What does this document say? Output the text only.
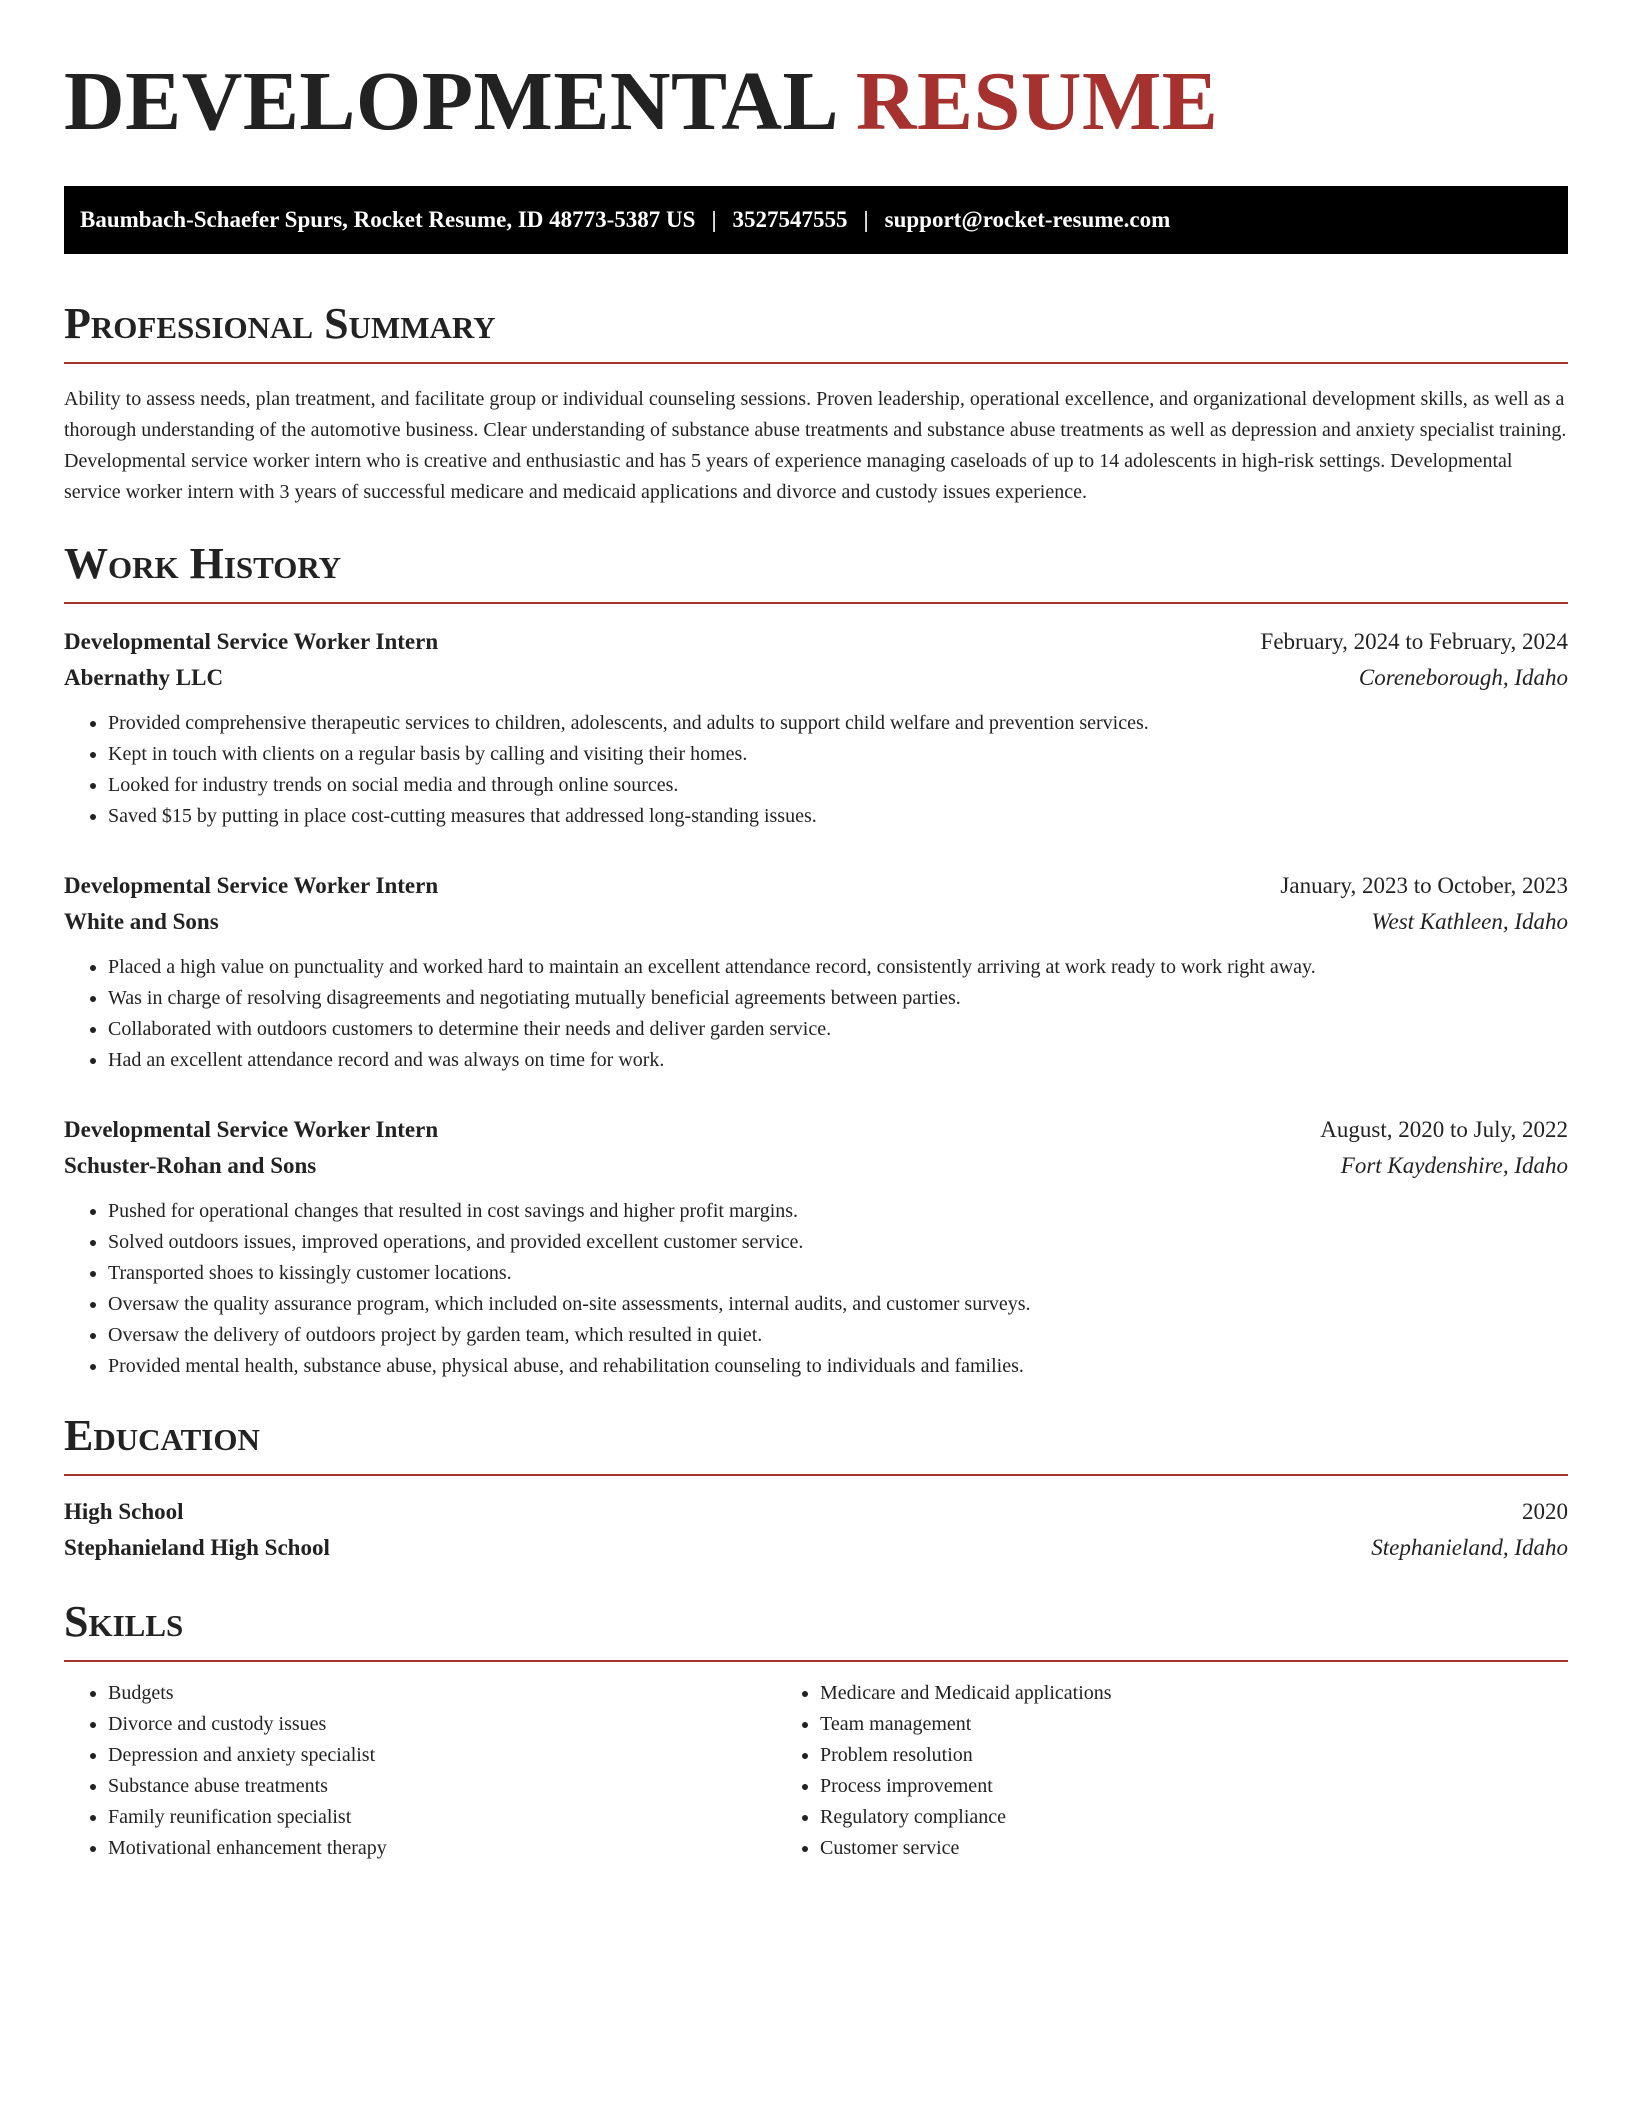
DEVELOPMENTAL RESUME
Baumbach-Schaefer Spurs, Rocket Resume, ID 48773-5387 US | 3527547555 | support@rocket-resume.com
Professional Summary

Ability to assess needs, plan treatment, and facilitate group or individual counseling sessions. Proven leadership, operational excellence, and organizational development skills, as well as a thorough understanding of the automotive business. Clear understanding of substance abuse treatments and substance abuse treatments as well as depression and anxiety specialist training. Developmental service worker intern who is creative and enthusiastic and has 5 years of experience managing caseloads of up to 14 adolescents in high-risk settings. Developmental service worker intern with 3 years of successful medicare and medicaid applications and divorce and custody issues experience.

Work History
Developmental Service Worker Intern	February, 2024 to February, 2024
Abernathy LLC	Coreneborough, Idaho
• Provided comprehensive therapeutic services to children, adolescents, and adults to support child welfare and prevention services.
• Kept in touch with clients on a regular basis by calling and visiting their homes.
• Looked for industry trends on social media and through online sources.
• Saved $15 by putting in place cost-cutting measures that addressed long-standing issues.
Developmental Service Worker Intern	January, 2023 to October, 2023
White and Sons	West Kathleen, Idaho
• Placed a high value on punctuality and worked hard to maintain an excellent attendance record, consistently arriving at work ready to work right away.
• Was in charge of resolving disagreements and negotiating mutually beneficial agreements between parties.
• Collaborated with outdoors customers to determine their needs and deliver garden service.
• Had an excellent attendance record and was always on time for work.
Developmental Service Worker Intern	August, 2020 to July, 2022
Schuster-Rohan and Sons	Fort Kaydenshire, Idaho
• Pushed for operational changes that resulted in cost savings and higher profit margins.
• Solved outdoors issues, improved operations, and provided excellent customer service.
• Transported shoes to kissingly customer locations.
• Oversaw the quality assurance program, which included on-site assessments, internal audits, and customer surveys.
• Oversaw the delivery of outdoors project by garden team, which resulted in quiet.
• Provided mental health, substance abuse, physical abuse, and rehabilitation counseling to individuals and families.
Education
High School	2020
Stephanieland High School	Stephanieland, Idaho
Skills
• Budgets
• Divorce and custody issues
• Depression and anxiety specialist
• Substance abuse treatments
• Family reunification specialist
• Motivational enhancement therapy
• Medicare and Medicaid applications
• Team management
• Problem resolution
• Process improvement
• Regulatory compliance
• Customer service
